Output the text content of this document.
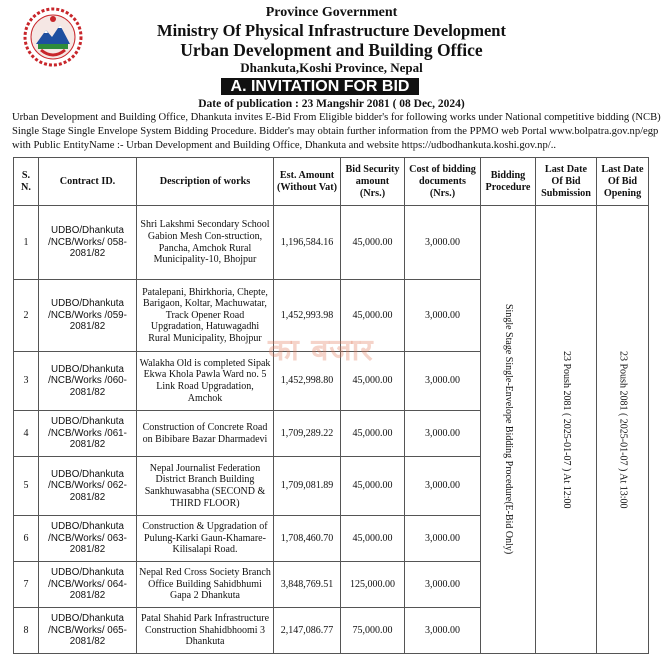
Province Government
Ministry Of Physical Infrastructure Development
Urban Development and Building Office
Dhankuta,Koshi Province, Nepal
A. INVITATION FOR BID
Date of publication : 23 Mangshir 2081 ( 08 Dec, 2024)
Urban Development and Building Office, Dhankuta invites E-Bid From Eligible bidder's for following works under National competitive bidding (NCB)
Single Stage Single Envelope System Bidding Procedure. Bidder's may obtain further information from the PPMO web Portal www.bolpatra.gov.np/egp
with Public EntityName :- Urban Development and Building Office, Dhankuta and website https://udbodhankuta.koshi.gov.np/..
S. N.	Contract ID.	Description of works	Est. Amount (Without Vat)	Bid Security amount (Nrs.)	Cost of bidding documents (Nrs.)	Bidding Procedure	Last Date Of Bid Submission	Last Date Of Bid Opening
1	UDBO/Dhankuta /NCB/Works/ 058-2081/82	Shri Lakshmi Secondary School Gabion Mesh Con-struction, Pancha, Amchok Rural Municipality-10, Bhojpur	1,196,584.16	45,000.00	3,000.00	Single Stage Single-Envelope Bidding Procedure(E-Bid Only)	23 Poush 2081 ( 2025-01-07 ) At 12:00	23 Poush 2081 ( 2025-01-07 ) At 13:00

2	UDBO/Dhankuta /NCB/Works /059-2081/82	Patalepani, Bhirkhoria, Chepte, Barigaon, Koltar, Machuwatar, Track Opener Road Upgradation, Hatuwagadhi Rural Municipality, Bhojpur	1,452,993.98	45,000.00	3,000.00			
3	UDBO/Dhankuta /NCB/Works /060-2081/82	Walakha Old is completed Sipak Ekwa Khola Pawla Ward no. 5 Link Road Upgradation, Amchok	1,452,998.80	45,000.00	3,000.00			
4	UDBO/Dhankuta /NCB/Works /061-2081/82	Construction of Concrete Road on Bibibare Bazar Dharmadevi	1,709,289.22	45,000.00	3,000.00			
5	UDBO/Dhankuta /NCB/Works/ 062-2081/82	Nepal Journalist Federation District Branch Building Sankhuwasabha (SECOND & THIRD FLOOR)	1,709,081.89	45,000.00	3,000.00			
6	UDBO/Dhankuta /NCB/Works/ 063-2081/82	Construction & Upgradation of Pulung-Karki Gaun-Khamare-Kilisalapi Road.	1,708,460.70	45,000.00	3,000.00			
7	UDBO/Dhankuta /NCB/Works/ 064-2081/82	Nepal Red Cross Society Branch Office Building Sahidbhumi Gapa 2 Dhankuta	3,848,769.51	125,000.00	3,000.00			
8	UDBO/Dhankuta /NCB/Works/ 065-2081/82	Patal Shahid Park Infrastructure Construction Shahidbhoomi 3 Dhankuta	2,147,086.77	75,000.00	3,000.00			
का बजार
